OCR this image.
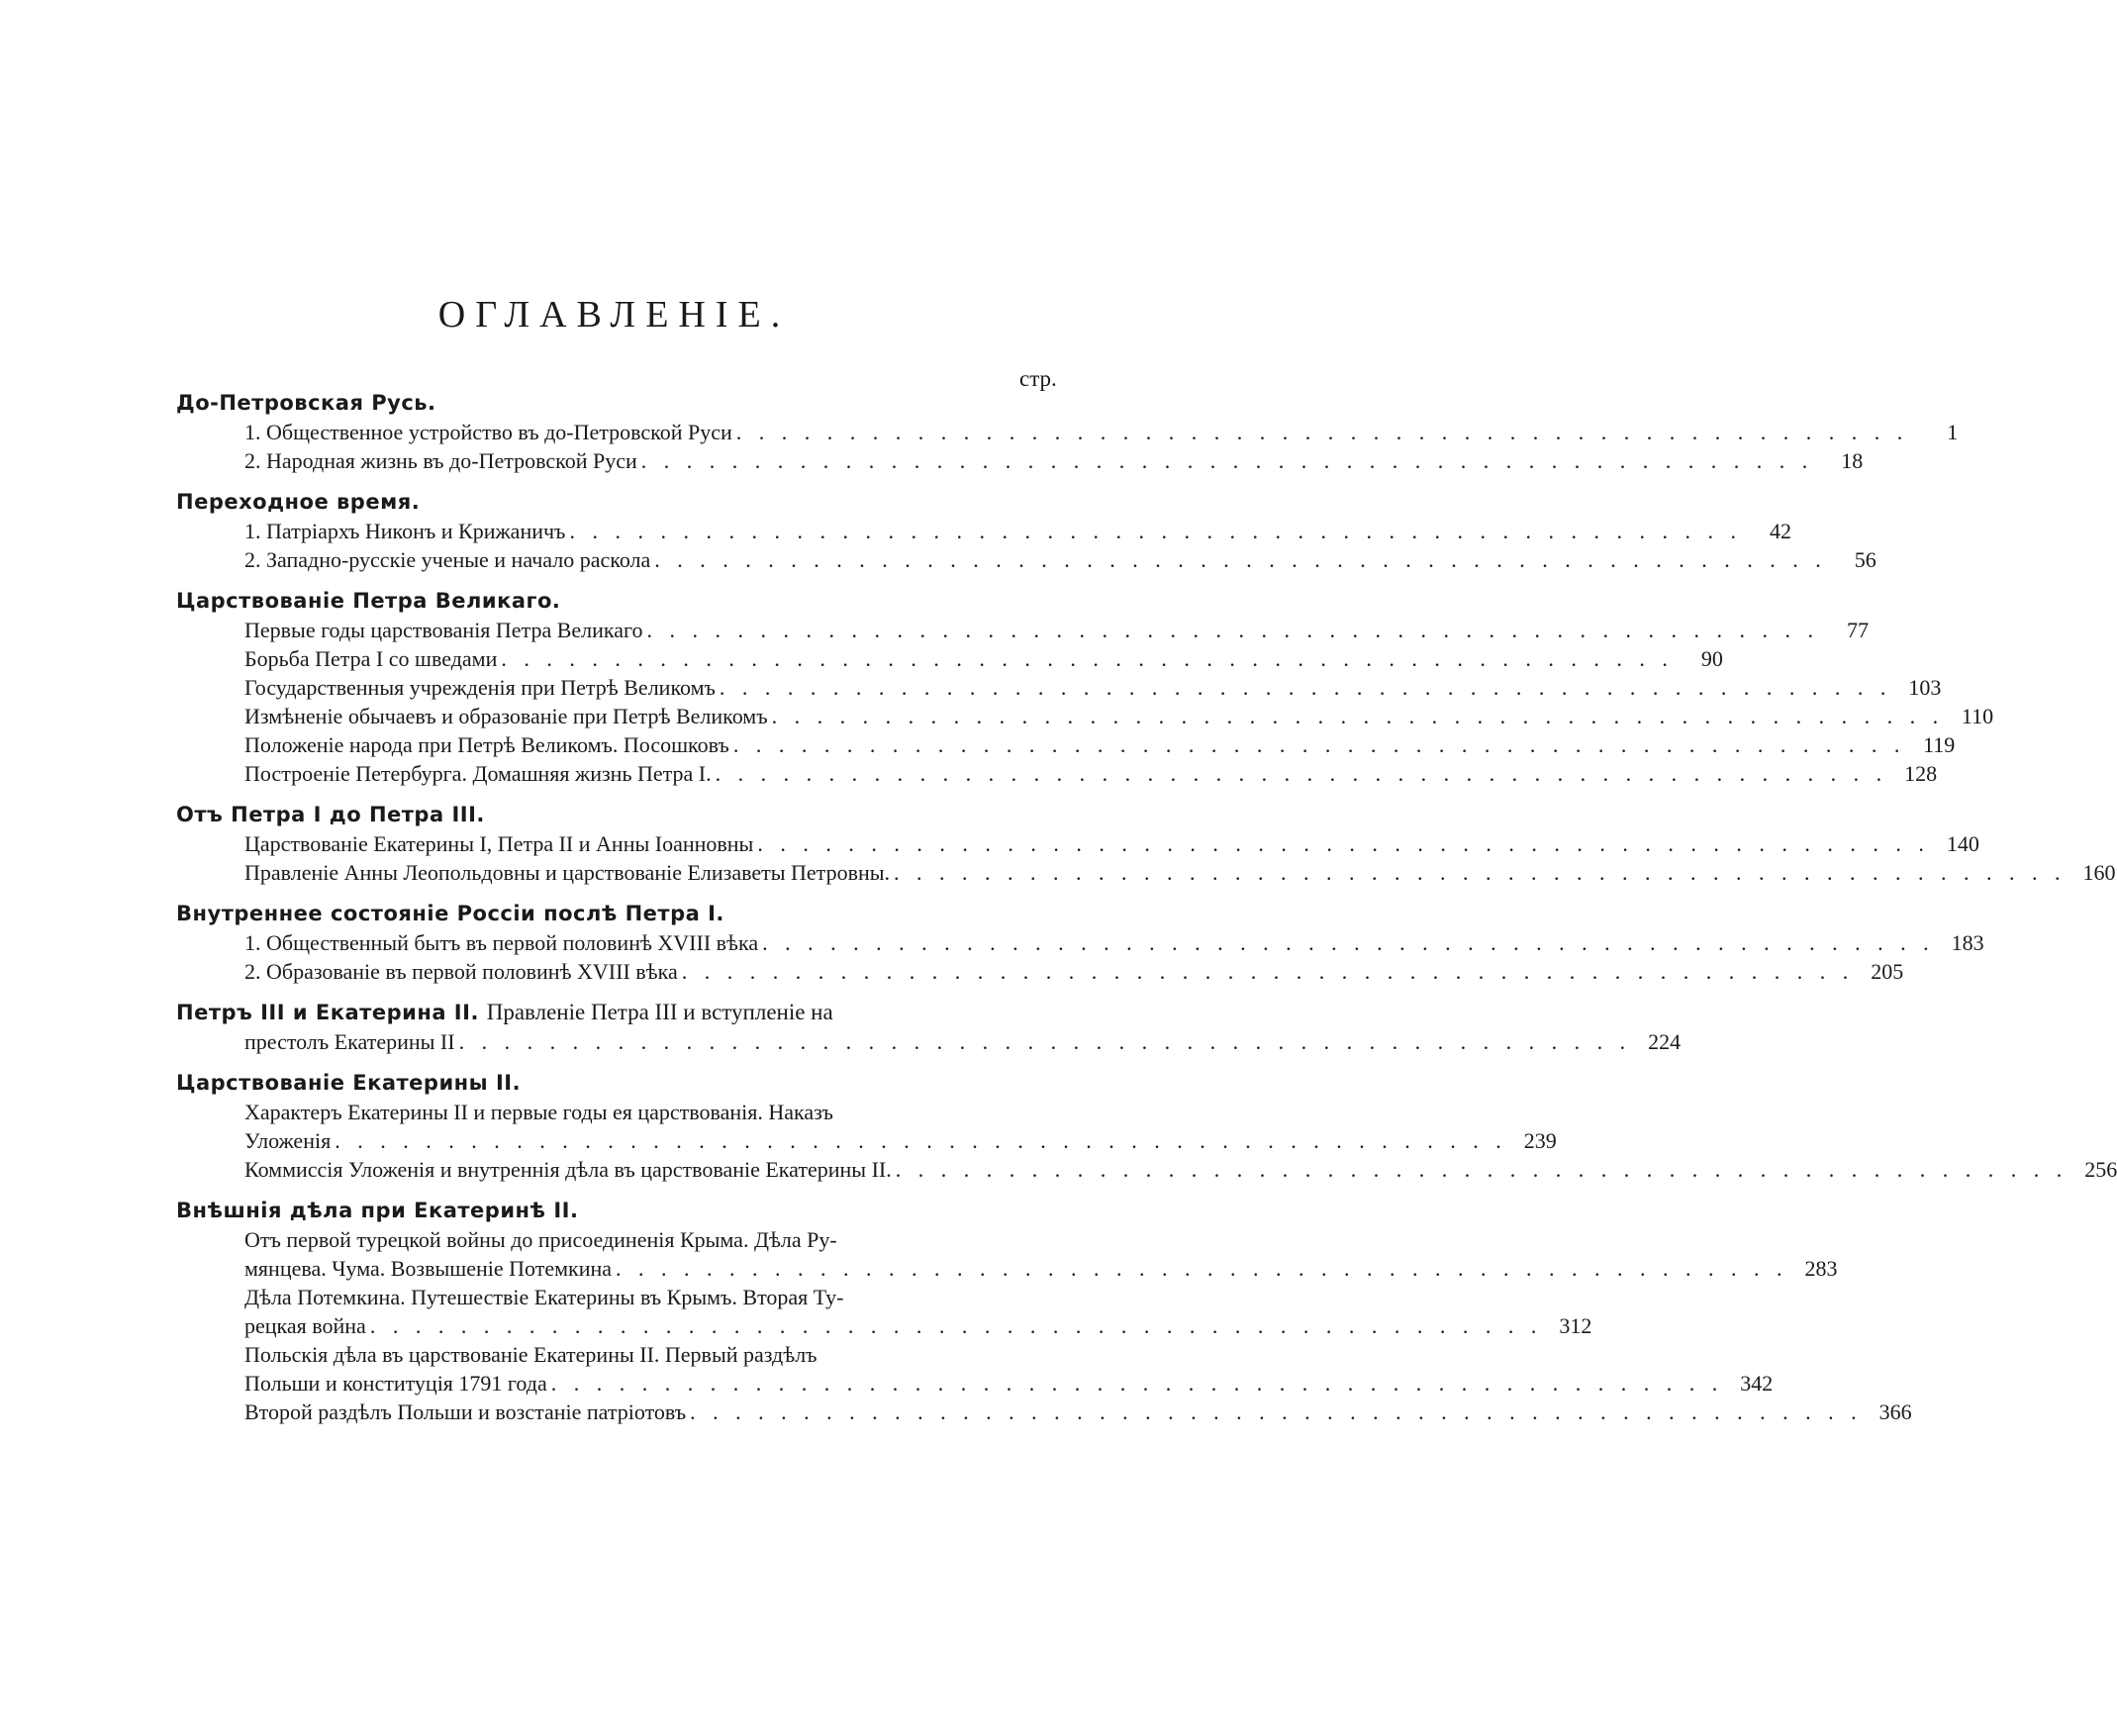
ОГЛАВЛЕНІЕ.
стр.
До-Петровская Русь.
1. Общественное устройство въ до-Петровской Руси . . . . . . . . . . . . . . . . . . . . . . . . . . . . . . . . . . . . . . . . . . . . . . . . . . . .	1
2. Народная жизнь въ до-Петровской Руси . . . . . . . . . . . . . . . . . . . . . . . . . . . . . . . . . . . . . . . . . . . . . . . . . . . .	18
Переходное время.
1. Патріархъ Никонъ и Крижаничъ . . . . . . . . . . . . . . . . . . . . . . . . . . . . . . . . . . . . . . . . . . . . . . . . . . . .	42
2. Западно-русскіе ученые и начало раскола . . . . . . . . . . . . . . . . . . . . . . . . . . . . . . . . . . . . . . . . . . . . . . . . . . . .	56
Царствованіе Петра Великаго.
Первые годы царствованія Петра Великаго . . . . . . . . . . . . . . . . . . . . . . . . . . . . . . . . . . . . . . . . . . . . . . . . . . . .	77
Борьба Петра I со шведами . . . . . . . . . . . . . . . . . . . . . . . . . . . . . . . . . . . . . . . . . . . . . . . . . . . .	90
Государственныя учрежденія при Петрѣ Великомъ . . . . . . . . . . . . . . . . . . . . . . . . . . . . . . . . . . . . . . . . . . . . . . . . . . . . 103
Измѣненіе обычаевъ и образованіе при Петрѣ Великомъ . . . . . . . . . . . . . . . . . . . . . . . . . . . . . . . . . . . . . . . . . . . . . . . . . . . . 110
Положеніе народа при Петрѣ Великомъ. Посошковъ . . . . . . . . . . . . . . . . . . . . . . . . . . . . . . . . . . . . . . . . . . . . . . . . . . . . 119
Построеніе Петербурга. Домашняя жизнь Петра I. . . . . . . . . . . . . . . . . . . . . . . . . . . . . . . . . . . . . . . . . . . . . . . . . . . . . 128
Отъ Петра I до Петра III.
Царствованіе Екатерины I, Петра II и Анны Іоанновны . . . . . . . . . . . . . . . . . . . . . . . . . . . . . . . . . . . . . . . . . . . . . . . . . . . . 140
Правленіе Анны Леопольдовны и царствованіе Елизаветы Петровны. . . . . . . . . . . . . . . . . . . . . . . . . . . . . . . . . . . . . . . . . . . . . . . . . . . . . 160
Внутреннее состояніе Россіи послѣ Петра I.
1. Общественный бытъ въ первой половинѣ XVIII вѣка . . . . . . . . . . . . . . . . . . . . . . . . . . . . . . . . . . . . . . . . . . . . . . . . . . . . 183
2. Образованіе въ первой половинѣ XVIII вѣка . . . . . . . . . . . . . . . . . . . . . . . . . . . . . . . . . . . . . . . . . . . . . . . . . . . . 205
Петръ III и Екатерина II. Правленіе Петра III и вступленіе на
престолъ Екатерины II . . . . . . . . . . . . . . . . . . . . . . . . . . . . . . . . . . . . . . . . . . . . . . . . . . . . 224
Царствованіе Екатерины II.
Характеръ Екатерины II и первые годы ея царствованія. Наказъ
Уложенія . . . . . . . . . . . . . . . . . . . . . . . . . . . . . . . . . . . . . . . . . . . . . . . . . . . . 239
Коммиссія Уложенія и внутреннія дѣла въ царствованіе Екатерины II. . . . . . . . . . . . . . . . . . . . . . . . . . . . . . . . . . . . . . . . . . . . . . . . . . . . . 256
Внѣшнія дѣла при Екатеринѣ II.
Отъ первой турецкой войны до присоединенія Крыма. Дѣла Ру-
мянцева. Чума. Возвышеніе Потемкина . . . . . . . . . . . . . . . . . . . . . . . . . . . . . . . . . . . . . . . . . . . . . . . . . . . . 283
Дѣла Потемкина. Путешествіе Екатерины въ Крымъ. Вторая Ту-
рецкая война . . . . . . . . . . . . . . . . . . . . . . . . . . . . . . . . . . . . . . . . . . . . . . . . . . . . 312
Польскія дѣла въ царствованіе Екатерины II. Первый раздѣлъ
Польши и конституція 1791 года . . . . . . . . . . . . . . . . . . . . . . . . . . . . . . . . . . . . . . . . . . . . . . . . . . . . 342
Второй раздѣлъ Польши и возстаніе патріотовъ . . . . . . . . . . . . . . . . . . . . . . . . . . . . . . . . . . . . . . . . . . . . . . . . . . . . 366
